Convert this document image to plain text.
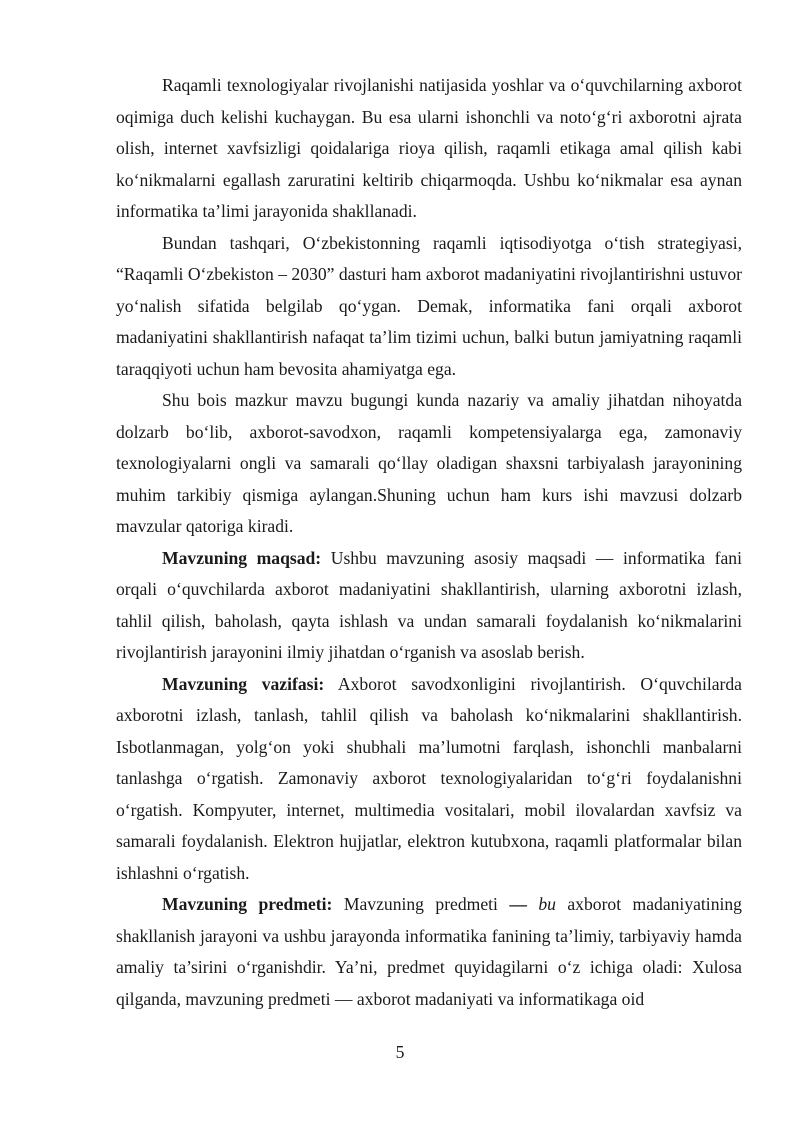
Raqamli texnologiyalar rivojlanishi natijasida yoshlar va o‘quvchilarning axborot oqimiga duch kelishi kuchaygan. Bu esa ularni ishonchli va noto‘g‘ri axborotni ajrata olish, internet xavfsizligi qoidalariga rioya qilish, raqamli etikaga amal qilish kabi ko‘nikmalarni egallash zaruratini keltirib chiqarmoqda. Ushbu ko‘nikmalar esa aynan informatika ta’limi jarayonida shakllanadi.

Bundan tashqari, O‘zbekistonning raqamli iqtisodiyotga o‘tish strategiyasi, “Raqamli O‘zbekiston – 2030” dasturi ham axborot madaniyatini rivojlantirishni ustuvor yo‘nalish sifatida belgilab qo‘ygan. Demak, informatika fani orqali axborot madaniyatini shakllantirish nafaqat ta’lim tizimi uchun, balki butun jamiyatning raqamli taraqqiyoti uchun ham bevosita ahamiyatga ega.

Shu bois mazkur mavzu bugungi kunda nazariy va amaliy jihatdan nihoyatda dolzarb bo‘lib, axborot-savodxon, raqamli kompetensiyalarga ega, zamonaviy texnologiyalarni ongli va samarali qo‘llay oladigan shaxsni tarbiyalash jarayonining muhim tarkibiy qismiga aylangan.Shuning uchun ham kurs ishi mavzusi dolzarb mavzular qatoriga kiradi.

Mavzuning maqsad: Ushbu mavzuning asosiy maqsadi — informatika fani orqali o‘quvchilarda axborot madaniyatini shakllantirish, ularning axborotni izlash, tahlil qilish, baholash, qayta ishlash va undan samarali foydalanish ko‘nikmalarini rivojlantirish jarayonini ilmiy jihatdan o‘rganish va asoslab berish.

Mavzuning vazifasi: Axborot savodxonligini rivojlantirish. O‘quvchilarda axborotni izlash, tanlash, tahlil qilish va baholash ko‘nikmalarini shakllantirish. Isbotlanmagan, yolg‘on yoki shubhali ma’lumotni farqlash, ishonchli manbalarni tanlashga o‘rgatish. Zamonaviy axborot texnologiyalaridan to‘g‘ri foydalanishni o‘rgatish. Kompyuter, internet, multimedia vositalari, mobil ilovalardan xavfsiz va samarali foydalanish. Elektron hujjatlar, elektron kutubxona, raqamli platformalar bilan ishlashni o‘rgatish.

Mavzuning predmeti: Mavzuning predmeti — bu axborot madaniyatining shakllanish jarayoni va ushbu jarayonda informatika fanining ta’limiy, tarbiyaviy hamda amaliy ta’sirini o‘rganishdir. Ya’ni, predmet quyidagilarni o‘z ichiga oladi: Xulosa qilganda, mavzuning predmeti — axborot madaniyati va informatikaga oid

5
